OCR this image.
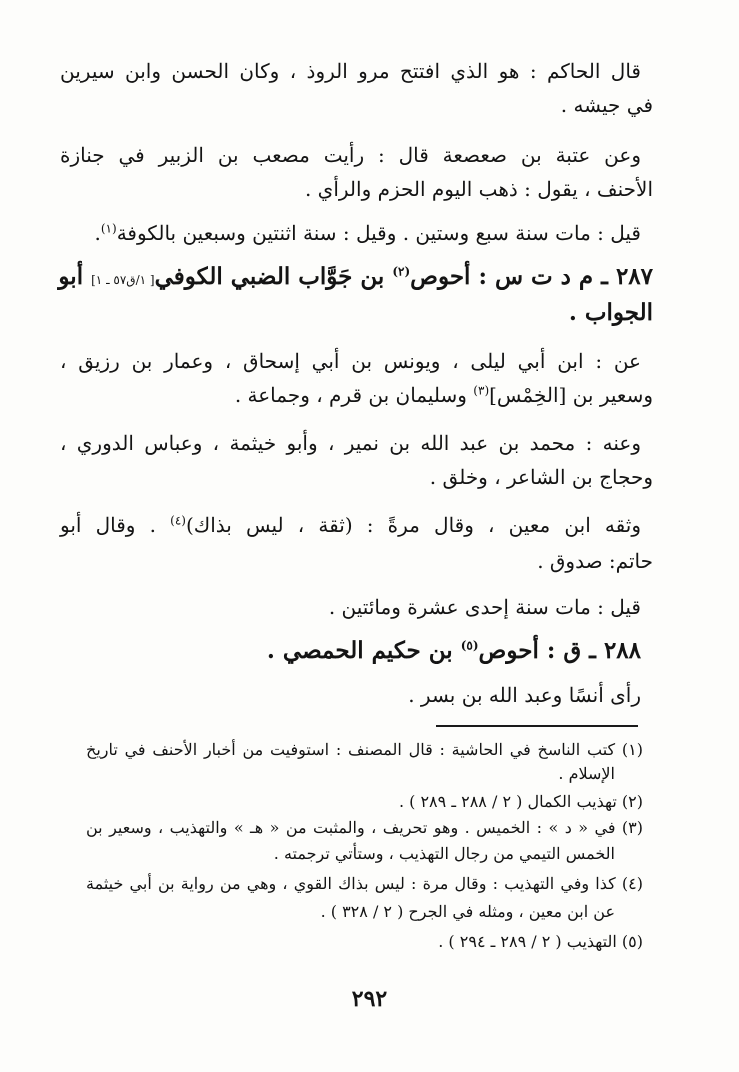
قال الحاكم : هو الذي افتتح مرو الروذ ، وكان الحسن وابن سيرين
في جيشه .
وعن عتبة بن صعصعة قال : رأيت مصعب بن الزبير في جنازة
الأحنف ، يقول : ذهب اليوم الحزم والرأي .
قيل : مات سنة سبع وستين . وقيل : سنة اثنتين وسبعين بالكوفة$^{(١)}$.
٢٨٧ ـ م د ت س : أحوص$^{(٢)}$ بن جَوَّاب الضبي الكوفي[ ١/ق٥٧ ـ ١] أبو
الجواب .
عن : ابن أبي ليلى ، ويونس بن أبي إسحاق ، وعمار بن رزيق ،
وسعير بن [الخِمْس]$^{(٣)}$ وسليمان بن قرم ، وجماعة .
وعنه : محمد بن عبد الله بن نمير ، وأبو خيثمة ، وعباس الدوري ،
وحجاج بن الشاعر ، وخلق .
وثقه ابن معين ، وقال مرةً : (ثقة ، ليس بذاك)$^{(٤)}$ . وقال أبو
حاتم: صدوق .
قيل : مات سنة إحدى عشرة ومائتين .
٢٨٨ ـ ق : أحوص$^{(٥)}$ بن حكيم الحمصي .
رأى أنسًا وعبد الله بن بسر .
(١) كتب الناسخ في الحاشية : قال المصنف : استوفيت من أخبار الأحنف في تاريخ
الإسلام .
(٢) تهذيب الكمال ( ٢ / ٢٨٨ ـ ٢٨٩ ) .
(٣) في « د » : الخميس . وهو تحريف ، والمثبت من « هـ » والتهذيب ، وسعير بن
الخمس التيمي من رجال التهذيب ، وستأتي ترجمته .
(٤) كذا وفي التهذيب : وقال مرة : ليس بذاك القوي ، وهي من رواية بن أبي خيثمة
عن ابن معين ، ومثله في الجرح ( ٢ / ٣٢٨ ) .
(٥) التهذيب ( ٢ / ٢٨٩ ـ ٢٩٤ ) .
٢٩٢
